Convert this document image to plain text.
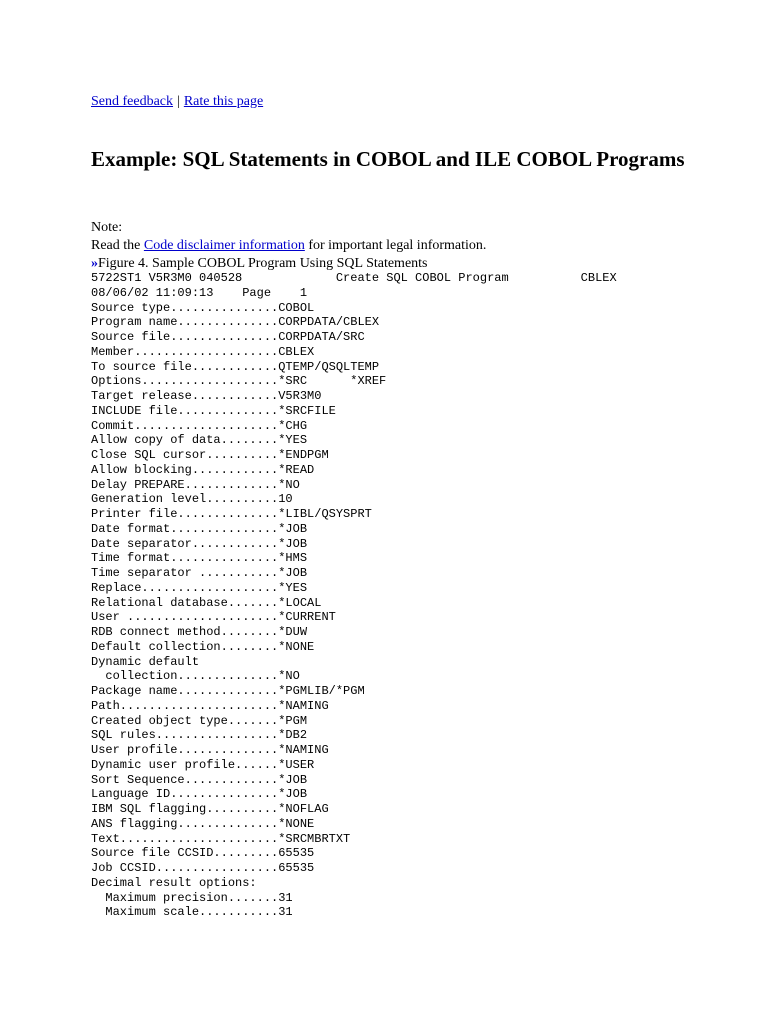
Send feedback | Rate this page
Example: SQL Statements in COBOL and ILE COBOL Programs
Note:
Read the Code disclaimer information for important legal information.
» Figure 4. Sample COBOL Program Using SQL Statements
5722ST1 V5R3M0 040528             Create SQL COBOL Program          CBLEX
08/06/02 11:09:13    Page    1
Source type...............COBOL
Program name..............CORPDATA/CBLEX
Source file...............CORPDATA/SRC
Member....................CBLEX
To source file............QTEMP/QSQLTEMP
Options...................*SRC      *XREF
Target release............V5R3M0
INCLUDE file..............*SRCFILE
Commit....................*CHG
Allow copy of data........*YES
Close SQL cursor..........*ENDPGM
Allow blocking............*READ
Delay PREPARE.............*NO
Generation level..........10
Printer file..............*LIBL/QSYSPRT
Date format...............*JOB
Date separator............*JOB
Time format...............*HMS
Time separator ...........*JOB
Replace...................*YES
Relational database.......*LOCAL
User .....................*CURRENT
RDB connect method........*DUW
Default collection........*NONE
Dynamic default
collection..............*NO
Package name..............*PGMLIB/*PGM
Path......................*NAMING
Created object type.......*PGM
SQL rules.................*DB2
User profile..............*NAMING
Dynamic user profile......*USER
Sort Sequence.............*JOB
Language ID...............*JOB
IBM SQL flagging..........*NOFLAG
ANS flagging..............*NONE
Text......................*SRCMBRTXT
Source file CCSID.........65535
Job CCSID.................65535
Decimal result options:
Maximum precision.......31
Maximum scale...........31
